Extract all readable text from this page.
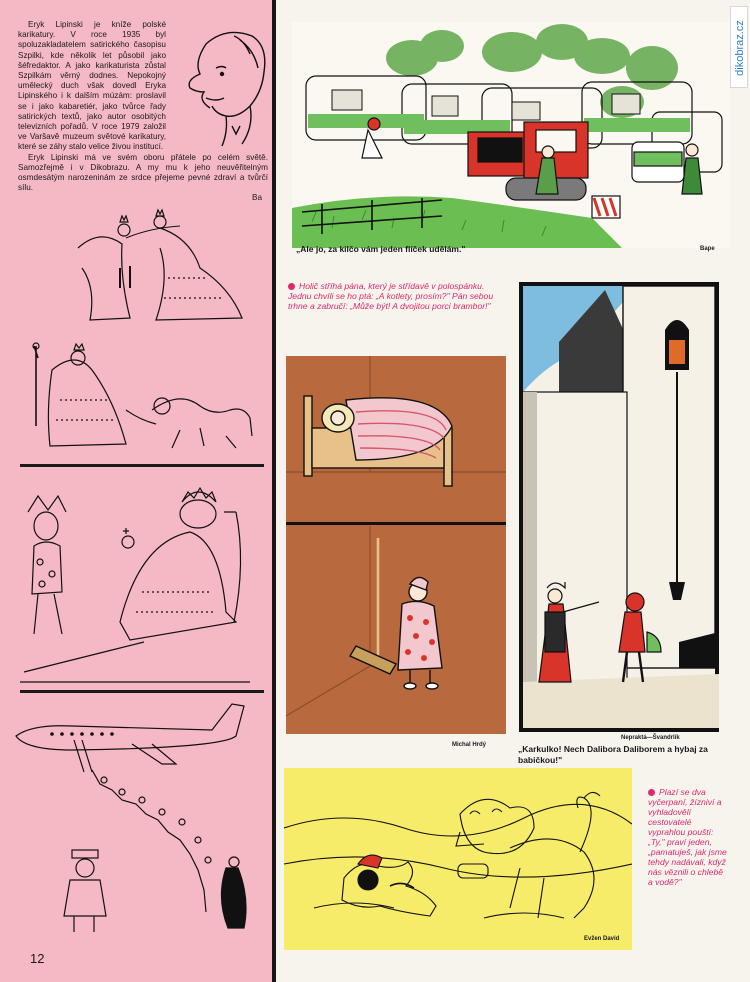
Eryk Lipinski je kníže polské karikatury. V roce 1935 byl spoluzakladatelem satirického časopisu Szpilki, kde několik let působil jako šéfredaktor. A jako karikaturista zůstal Szpilkám věrný dodnes. Nepokojný umělecký duch však dovedl Eryka Lipinského i k dalším múzám: proslavil se i jako kabaretiér, jako tvůrce řady satirických textů, jako autor osobitých televizních pořadů. V roce 1979 založil ve Varšavě muzeum světové karikatury, které se záhy stalo velice živou institucí.

Eryk Lipinski má ve svém oboru přátele po celém světě. Samozřejmě i v Dikobrazu. A my mu k jeho neuvěřitelným osmdesátým narozeninám ze srdce přejeme pevné zdraví a tvůrčí sílu.

Ba

12
„Ale jo, za kilčo vám jeden flíček udělám."	Bape
Holič stříhá pána, který je střídavě v polospánku. Jednu chvíli se ho ptá: „A kotlety, prosím?" Pán sebou trhne a zabručí: „Může být! A dvojitou porci brambor!"
Michal Hrdý
Nepraktá—Švandrlík
„Karkulko! Nech Dalibora Daliborem a hybaj za babičkou!"
Evžen David
Plazí se dva vyčerpaní, žízniví a vyhladovělí cestovatelé vyprahlou pouští: „Ty," praví jeden, „pamatuješ, jak jsme tehdy nadávali, když nás věznili o chlebě a vodě?"
dikobraz.cz
